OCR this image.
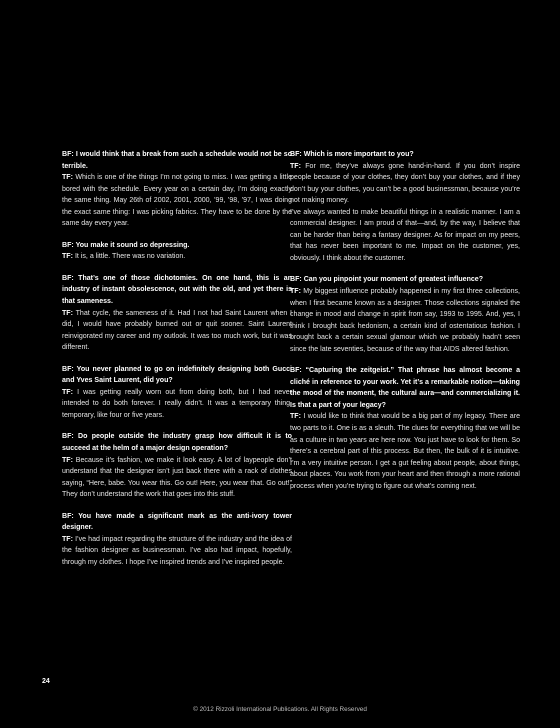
BF: I would think that a break from such a schedule would not be so terrible.
TF: Which is one of the things I’m not going to miss. I was getting a little bored with the schedule. Every year on a certain day, I’m doing exactly the same thing. May 26th of 2002, 2001, 2000, ’99, ’98, ’97, I was doing the exact same thing: I was picking fabrics. They have to be done by the same day every year.
BF: You make it sound so depressing.
TF: It is, a little. There was no variation.
BF: That’s one of those dichotomies. On one hand, this is an industry of instant obsolescence, out with the old, and yet there is that sameness.
TF: That cycle, the sameness of it. Had I not had Saint Laurent when I did, I would have probably burned out or quit sooner. Saint Laurent reinvigorated my career and my outlook. It was too much work, but it was different.
BF: You never planned to go on indefinitely designing both Gucci and Yves Saint Laurent, did you?
TF: I was getting really worn out from doing both, but I had never intended to do both forever. I really didn’t. It was a temporary thing, temporary, like four or five years.
BF: Do people outside the industry grasp how difficult it is to succeed at the helm of a major design operation?
TF: Because it’s fashion, we make it look easy. A lot of laypeople don’t understand that the designer isn’t just back there with a rack of clothes saying, “Here, babe. You wear this. Go out! Here, you wear that. Go out!” They don’t understand the work that goes into this stuff.
BF: You have made a significant mark as the anti-ivory tower designer.
TF: I’ve had impact regarding the structure of the industry and the idea of the fashion designer as businessman. I’ve also had impact, hopefully, through my clothes. I hope I’ve inspired trends and I’ve inspired people.
BF: Which is more important to you?
TF: For me, they’ve always gone hand-in-hand. If you don’t inspire people because of your clothes, they don’t buy your clothes, and if they don’t buy your clothes, you can’t be a good businessman, because you’re not making money.
I’ve always wanted to make beautiful things in a realistic manner. I am a commercial designer. I am proud of that—and, by the way, I believe that can be harder than being a fantasy designer. As for impact on my peers, that has never been important to me. Impact on the customer, yes, obviously. I think about the customer.
BF: Can you pinpoint your moment of greatest influence?
TF: My biggest influence probably happened in my first three collections, when I first became known as a designer. Those collections signaled the change in mood and change in spirit from say, 1993 to 1995. And, yes, I think I brought back hedonism, a certain kind of ostentatious fashion. I brought back a certain sexual glamour which we probably hadn’t seen since the late seventies, because of the way that AIDS altered fashion.
BF: “Capturing the zeitgeist.” That phrase has almost become a cliché in reference to your work. Yet it’s a remarkable notion—taking the mood of the moment, the cultural aura—and commercializing it. Is that a part of your legacy?
TF: I would like to think that would be a big part of my legacy. There are two parts to it. One is as a sleuth. The clues for everything that we will be as a culture in two years are here now. You just have to look for them. So there’s a cerebral part of this process. But then, the bulk of it is intuitive. I’m a very intuitive person. I get a gut feeling about people, about things, about places. You work from your heart and then through a more rational process when you’re trying to figure out what’s coming next.
24
© 2012 Rizzoli International Publications. All Rights Reserved
